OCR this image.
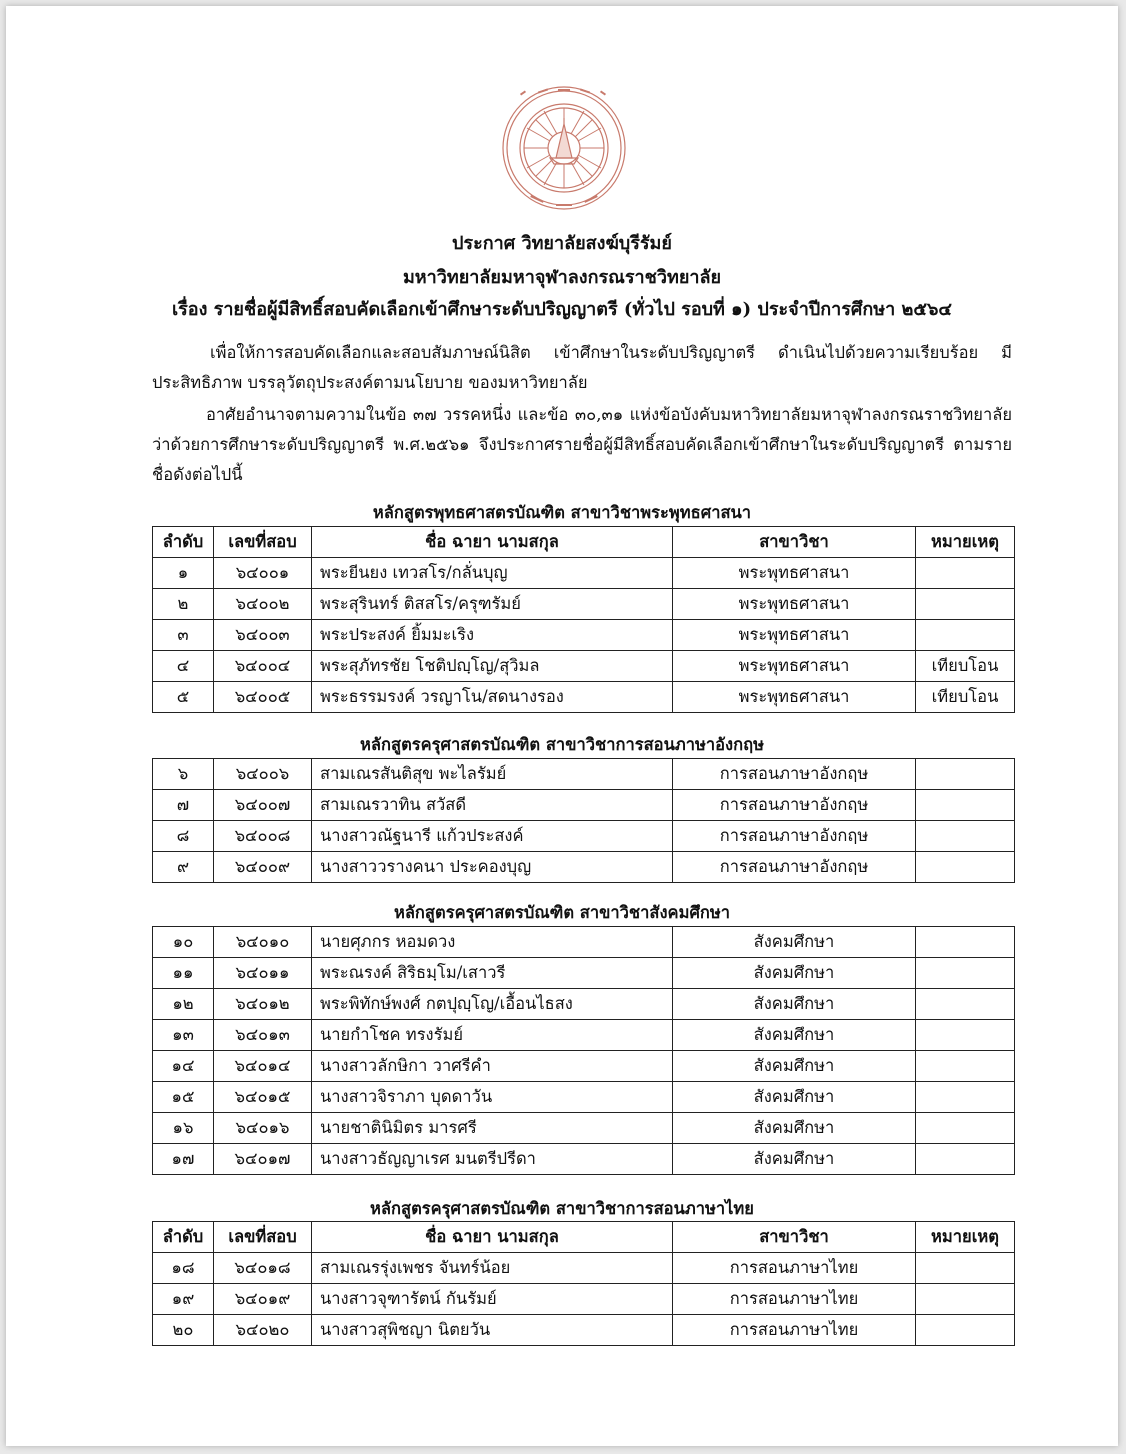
ประกาศ วิทยาลัยสงฆ์บุรีรัมย์
มหาวิทยาลัยมหาจุฬาลงกรณราชวิทยาลัย
เรื่อง รายชื่อผู้มีสิทธิ์สอบคัดเลือกเข้าศึกษาระดับปริญญาตรี (ทั่วไป รอบที่ ๑) ประจำปีการศึกษา ๒๕๖๔
เพื่อให้การสอบคัดเลือกและสอบสัมภาษณ์นิสิต เข้าศึกษาในระดับปริญญาตรี ดำเนินไปด้วยความเรียบร้อย มีประสิทธิภาพ บรรลุวัตถุประสงค์ตามนโยบาย ของมหาวิทยาลัย
อาศัยอำนาจตามความในข้อ ๓๗ วรรคหนึ่ง และข้อ ๓๐,๓๑ แห่งข้อบังคับมหาวิทยาลัยมหาจุฬาลงกรณราชวิทยาลัย ว่าด้วยการศึกษาระดับปริญญาตรี พ.ศ.๒๕๖๑ จึงประกาศรายชื่อผู้มีสิทธิ์สอบคัดเลือกเข้าศึกษาในระดับปริญญาตรี ตามรายชื่อดังต่อไปนี้
หลักสูตรพุทธศาสตรบัณฑิต สาขาวิชาพระพุทธศาสนา
ลำดับ	เลขที่สอบ	ชื่อ ฉายา นามสกุล	สาขาวิชา	หมายเหตุ
๑	๖๔๐๐๑	พระยีนยง เทวสโร/กลั่นบุญ	พระพุทธศาสนา	
๒	๖๔๐๐๒	พระสุรินทร์ ติสสโร/ครุฑรัมย์	พระพุทธศาสนา	
๓	๖๔๐๐๓	พระประสงค์ ยิ้มมะเริง	พระพุทธศาสนา	
๔	๖๔๐๐๔	พระสุภัทรชัย โชติปญฺโญ/สุวิมล	พระพุทธศาสนา	เทียบโอน
๕	๖๔๐๐๕	พระธรรมรงค์ วรญาโน/สดนางรอง	พระพุทธศาสนา	เทียบโอน
หลักสูตรครุศาสตรบัณฑิต สาขาวิชาการสอนภาษาอังกฤษ
๖	๖๔๐๐๖	สามเณรสันติสุข พะไลรัมย์	การสอนภาษาอังกฤษ	
๗	๖๔๐๐๗	สามเณรวาทิน สวัสดี	การสอนภาษาอังกฤษ	
๘	๖๔๐๐๘	นางสาวณัฐนารี แก้วประสงค์	การสอนภาษาอังกฤษ	
๙	๖๔๐๐๙	นางสาววรางคนา ประคองบุญ	การสอนภาษาอังกฤษ	
หลักสูตรครุศาสตรบัณฑิต สาขาวิชาสังคมศึกษา
๑๐	๖๔๐๑๐	นายศุภกร หอมดวง	สังคมศึกษา	
๑๑	๖๔๐๑๑	พระณรงค์ สิริธมฺโม/เสาวรี	สังคมศึกษา	
๑๒	๖๔๐๑๒	พระพิทักษ์พงศ์ กตปุญฺโญ/เอื้อนไธสง	สังคมศึกษา	
๑๓	๖๔๐๑๓	นายกำโชค ทรงรัมย์	สังคมศึกษา	
๑๔	๖๔๐๑๔	นางสาวลักษิกา วาศรีคำ	สังคมศึกษา	
๑๕	๖๔๐๑๕	นางสาวจิราภา บุดดาวัน	สังคมศึกษา	
๑๖	๖๔๐๑๖	นายชาตินิมิตร มารศรี	สังคมศึกษา	
๑๗	๖๔๐๑๗	นางสาวธัญญาเรศ มนตรีปรีดา	สังคมศึกษา	
หลักสูตรครุศาสตรบัณฑิต สาขาวิชาการสอนภาษาไทย
ลำดับ	เลขที่สอบ	ชื่อ ฉายา นามสกุล	สาขาวิชา	หมายเหตุ
๑๘	๖๔๐๑๘	สามเณรรุ่งเพชร จันทร์น้อย	การสอนภาษาไทย	
๑๙	๖๔๐๑๙	นางสาวจุฑารัตน์ กันรัมย์	การสอนภาษาไทย	
๒๐	๖๔๐๒๐	นางสาวสุพิชญา นิตยวัน	การสอนภาษาไทย	
